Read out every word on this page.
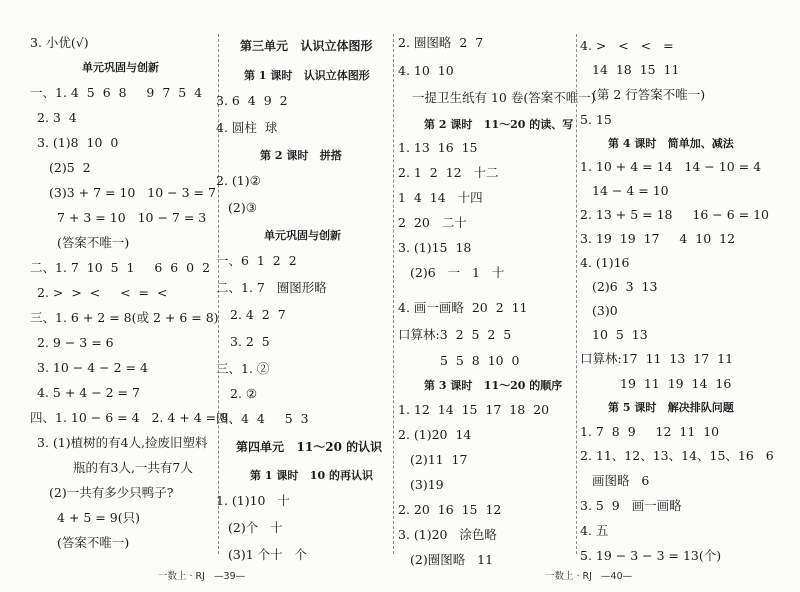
3. 小优(√)
单元巩固与创新
一、1. 4  5  6  8     9  7  5  4
2. 3  4
3. (1)8  10  0
(2)5  2
(3)3 + 7 = 10   10 − 3 = 7
7 + 3 = 10   10 − 7 = 3
(答案不唯一)
二、1. 7  10  5  1     6  6  0  2
2. >  >  <     <  =  <
三、1. 6 + 2 = 8(或 2 + 6 = 8)
2. 9 − 3 = 6
3. 10 − 4 − 2 = 4
4. 5 + 4 − 2 = 7
四、1. 10 − 6 = 4   2. 4 + 4 = 8
3. (1)植树的有4人,捡废旧塑料
瓶的有3人,一共有7人
(2)一共有多少只鸭子?
4 + 5 = 9(只)
(答案不唯一)
第三单元   认识立体图形
第 1 课时   认识立体图形
3. 6  4  9  2
4. 圆柱  球
第 2 课时   拼搭
2. (1)②
(2)③
单元巩固与创新
一、6  1  2  2
二、1. 7   圈图形略
2. 4  2  7
3. 2  5
三、1. ②
2. ②
四、4  4     5  3
第四单元   11～20 的认识
第 1 课时   10 的再认识
1. (1)10   十
(2)个   十
(3)1 个十   个
2. 圈图略  2  7
4. 10  10
一提卫生纸有 10 卷(答案不唯一)
第 2 课时   11～20 的读、写
1. 13  16  15
2. 1  2  12   十二
1  4  14   十四
2  20   二十
3. (1)15  18
(2)6   一   1   十
4. 画一画略  20  2  11
口算林:3  2  5  2  5
5  5  8  10  0
第 3 课时   11～20 的顺序
1. 12  14  15  17  18  20
2. (1)20  14
(2)11  17
(3)19
2. 20  16  15  12
3. (1)20   涂色略
(2)圈图略   11
4. >   <   <   =
14  18  15  11
(第 2 行答案不唯一)
5. 15
第 4 课时   简单加、减法
1. 10 + 4 = 14   14 − 10 = 4
14 − 4 = 10
2. 13 + 5 = 18     16 − 6 = 10
3. 19  19  17     4  10  12
4. (1)16
(2)6  3  13
(3)0
10  5  13
口算林:17  11  13  17  11
19  11  19  14  16
第 5 课时   解决排队问题
1. 7  8  9     12  11  10
2. 11、12、13、14、15、16   6
画图略   6
3. 5  9   画一画略
4. 五
5. 19 − 3 − 3 = 13(个)
一数上 · RJ   —39—	一数上 · RJ   —40—
